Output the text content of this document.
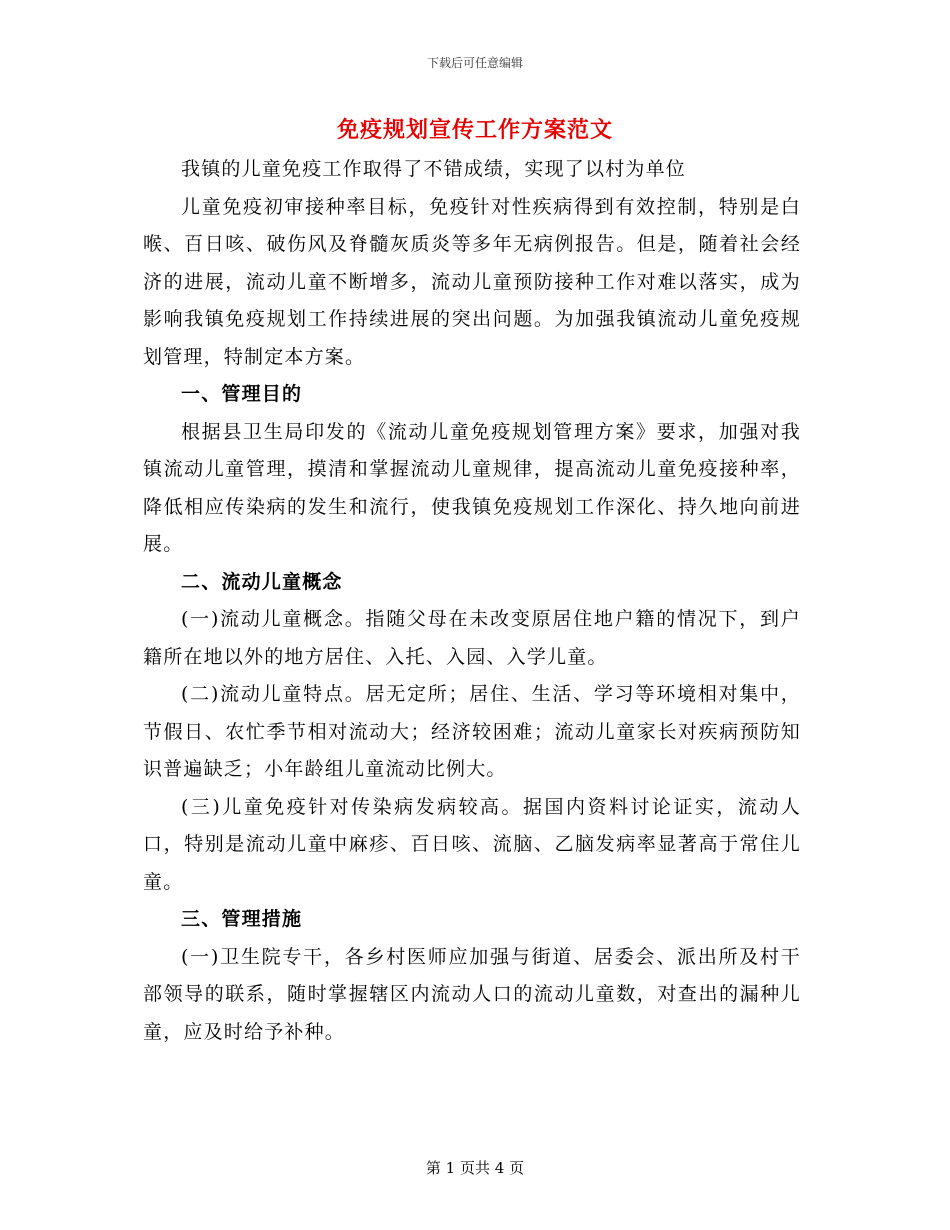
下载后可任意编辑
免疫规划宣传工作方案范文

我镇的儿童免疫工作取得了不错成绩，实现了以村为单位

儿童免疫初审接种率目标，免疫针对性疾病得到有效控制，特别是白喉、百日咳、破伤风及脊髓灰质炎等多年无病例报告。但是，随着社会经济的进展，流动儿童不断增多，流动儿童预防接种工作对难以落实，成为影响我镇免疫规划工作持续进展的突出问题。为加强我镇流动儿童免疫规划管理，特制定本方案。

一、管理目的

根据县卫生局印发的《流动儿童免疫规划管理方案》要求，加强对我镇流动儿童管理，摸清和掌握流动儿童规律，提高流动儿童免疫接种率，降低相应传染病的发生和流行，使我镇免疫规划工作深化、持久地向前进展。

二、流动儿童概念

(一)流动儿童概念。指随父母在未改变原居住地户籍的情况下，到户籍所在地以外的地方居住、入托、入园、入学儿童。

(二)流动儿童特点。居无定所；居住、生活、学习等环境相对集中，节假日、农忙季节相对流动大；经济较困难；流动儿童家长对疾病预防知识普遍缺乏；小年龄组儿童流动比例大。

(三)儿童免疫针对传染病发病较高。据国内资料讨论证实，流动人口，特别是流动儿童中麻疹、百日咳、流脑、乙脑发病率显著高于常住儿童。

三、管理措施

(一)卫生院专干，各乡村医师应加强与街道、居委会、派出所及村干部领导的联系，随时掌握辖区内流动人口的流动儿童数，对查出的漏种儿童，应及时给予补种。

第 1 页共 4 页
